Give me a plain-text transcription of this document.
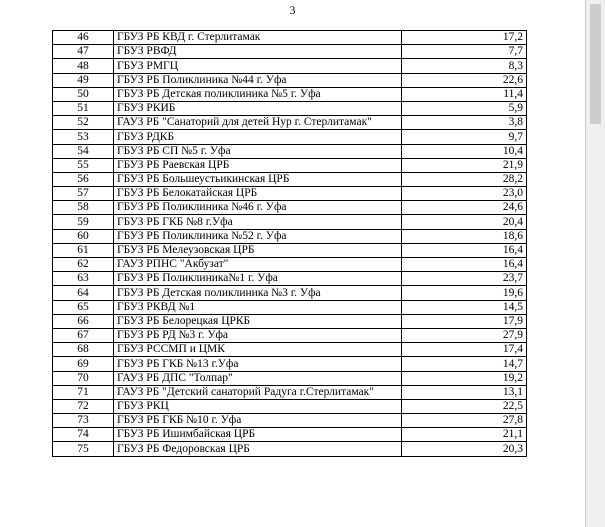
3
46	ГБУЗ РБ КВД г. Стерлитамак	17,2
47	ГБУЗ РВФД	7,7
48	ГБУЗ РМГЦ	8,3
49	ГБУЗ РБ Поликлиника №44 г. Уфа	22,6
50	ГБУЗ РБ Детская поликлиника №5 г. Уфа	11,4
51	ГБУЗ РКИБ	5,9
52	ГАУЗ РБ "Санаторий для детей Нур г. Стерлитамак"	3,8
53	ГБУЗ РДКБ	9,7
54	ГБУЗ РБ СП №5 г. Уфа	10,4
55	ГБУЗ РБ Раевская ЦРБ	21,9
56	ГБУЗ РБ Большеустьикинская ЦРБ	28,2
57	ГБУЗ РБ Белокатайская ЦРБ	23,0
58	ГБУЗ РБ Поликлиника №46 г. Уфа	24,6
59	ГБУЗ РБ ГКБ №8 г.Уфа	20,4
60	ГБУЗ РБ Поликлиника №52 г. Уфа	18,6
61	ГБУЗ РБ Мелеузовская ЦРБ	16,4
62	ГАУЗ РПНС "Акбузат"	16,4
63	ГБУЗ РБ Поликлиника№1 г. Уфа	23,7
64	ГБУЗ РБ Детская поликлиника №3 г. Уфа	19,6
65	ГБУЗ РКВД №1	14,5
66	ГБУЗ РБ Белорецкая ЦРКБ	17,9
67	ГБУЗ РБ РД №3 г. Уфа	27,9
68	ГБУЗ РССМП и ЦМК	17,4
69	ГБУЗ РБ ГКБ №13 г.Уфа	14,7
70	ГАУЗ РБ ДПС "Толпар"	19,2
71	ГАУЗ РБ "Детский санаторий Радуга г.Стерлитамак"	13,1
72	ГБУЗ РКЦ	22,5
73	ГБУЗ РБ ГКБ №10 г. Уфа	27,8
74	ГБУЗ РБ Ишимбайская ЦРБ	21,1
75	ГБУЗ РБ Федоровская ЦРБ	20,3
